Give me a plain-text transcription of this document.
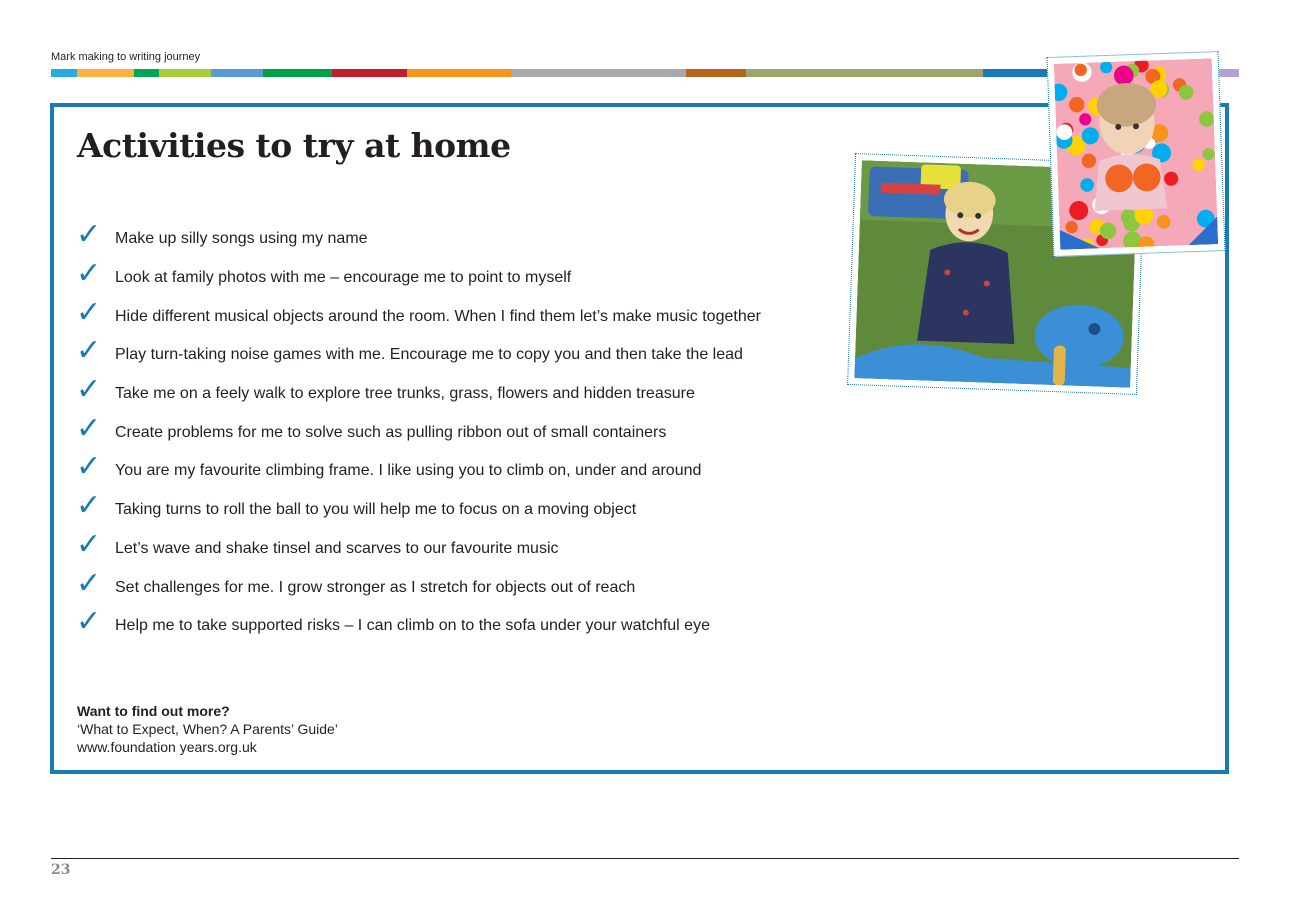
Mark making to writing journey
Activities to try at home
✓ Make up silly songs using my name
✓ Look at family photos with me – encourage me to point to myself
✓ Hide different musical objects around the room. When I find them let’s make music together
✓ Play turn-taking noise games with me. Encourage me to copy you and then take the lead
✓ Take me on a feely walk to explore tree trunks, grass, flowers and hidden treasure
✓ Create problems for me to solve such as pulling ribbon out of small containers
✓ You are my favourite climbing frame. I like using you to climb on, under and around
✓ Taking turns to roll the ball to you will help me to focus on a moving object
✓ Let’s wave and shake tinsel and scarves to our favourite music
✓ Set challenges for me. I grow stronger as I stretch for objects out of reach
✓ Help me to take supported risks – I can climb on to the sofa under your watchful eye
Want to find out more?
‘What to Expect, When? A Parents’ Guide’
www.foundation years.org.uk
23
